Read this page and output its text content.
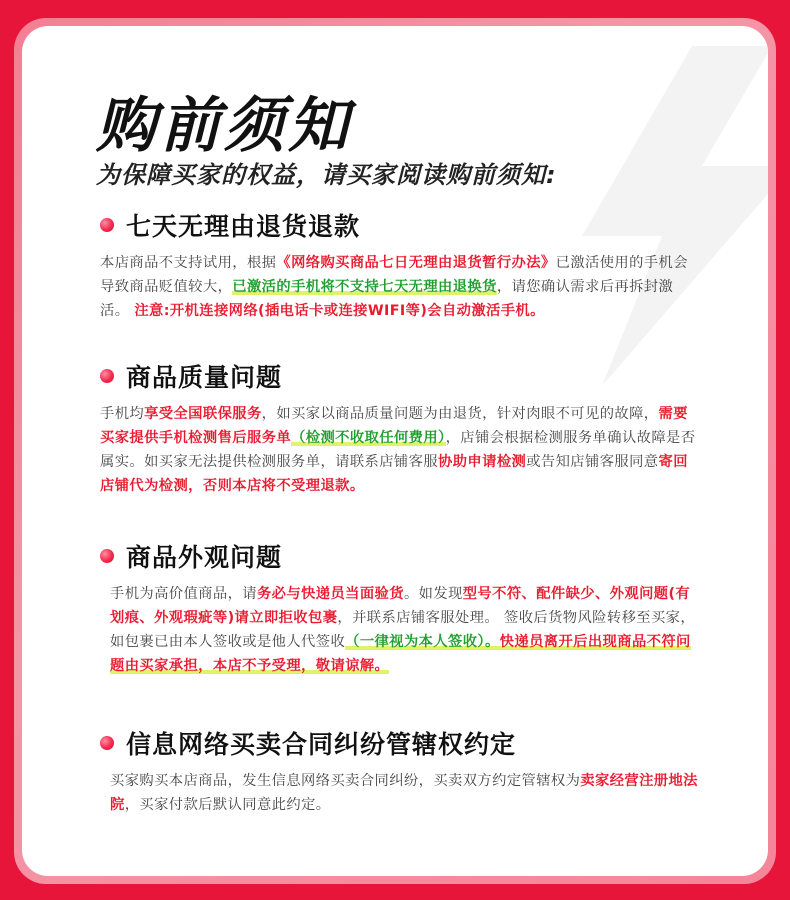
购前须知
为保障买家的权益，请买家阅读购前须知:
七天无理由退货退款
本店商品不支持试用，根据《网络购买商品七日无理由退货暂行办法》已激活使用的手机会导致商品贬值较大，已激活的手机将不支持七天无理由退换货，请您确认需求后再拆封激活。 注意:开机连接网络(插电话卡或连接WIFI等)会自动激活手机。
商品质量问题
手机均享受全国联保服务，如买家以商品质量问题为由退货，针对肉眼不可见的故障，需要买家提供手机检测售后服务单（检测不收取任何费用），店铺会根据检测服务单确认故障是否属实。如买家无法提供检测服务单，请联系店铺客服协助申请检测或告知店铺客服同意寄回店铺代为检测，否则本店将不受理退款。
商品外观问题
手机为高价值商品，请务必与快递员当面验货。如发现型号不符、配件缺少、外观问题(有划痕、外观瑕疵等)请立即拒收包裹，并联系店铺客服处理。 签收后货物风险转移至买家， 如包裹已由本人签收或是他人代签收（一律视为本人签收）。快递员离开后出现商品不符问题由买家承担，本店不予受理，敬请谅解。
信息网络买卖合同纠纷管辖权约定
买家购买本店商品，发生信息网络买卖合同纠纷，买卖双方约定管辖权为卖家经营注册地法院，买家付款后默认同意此约定。
